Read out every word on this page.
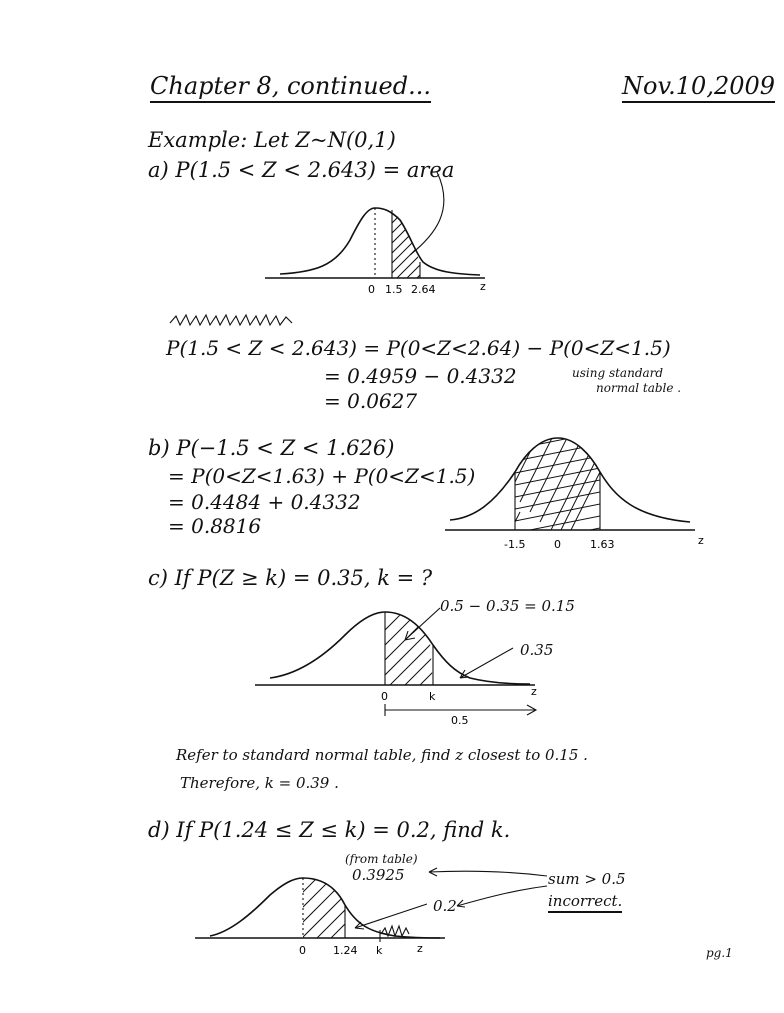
Chapter 8, continued...	Nov.10,2009
Example: Let Z~N(0,1)
a) P(1.5 < Z < 2.643) = area
0 1.5 2.64	z
P(1.5 < Z < 2.643) = P(0<Z<2.64) − P(0<Z<1.5)
= 0.4959 − 0.4332
= 0.0627
using standard
normal table .
b) P(−1.5 < Z < 1.626)
= P(0<Z<1.63) + P(0<Z<1.5)
= 0.4484 + 0.4332
= 0.8816
-1.5	0	1.63	z
c) If P(Z ≥ k) = 0.35, k = ?
0.5 − 0.35 = 0.15
0.35
0	k	z
0.5
Refer to standard normal table, find z closest to 0.15 .
Therefore, k = 0.39 .
d) If P(1.24 ≤ Z ≤ k) = 0.2, find k.
(from table)
0.3925
0.2
sum > 0.5
incorrect.
0 1.24 k	z	pg.1
